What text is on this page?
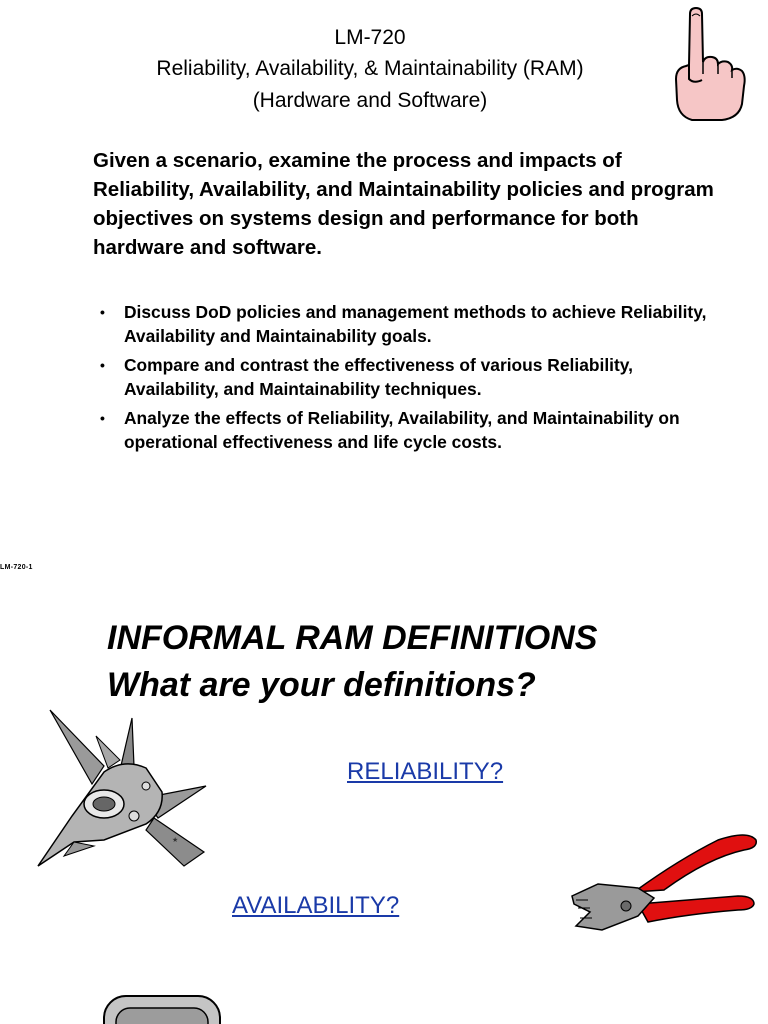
LM-720
Reliability, Availability, & Maintainability (RAM)
(Hardware and Software)
Given a scenario, examine the process and impacts of Reliability, Availability, and Maintainability policies and program objectives on systems design and performance for both hardware and software.
• Discuss DoD policies and management methods to achieve Reliability, Availability and Maintainability goals.
• Compare and contrast the effectiveness of various Reliability, Availability, and Maintainability techniques.
• Analyze the effects of Reliability, Availability, and Maintainability on operational effectiveness and life cycle costs.
LM-720-1
INFORMAL RAM DEFINITIONS
What are your definitions?
★
RELIABILITY?
AVAILABILITY?
